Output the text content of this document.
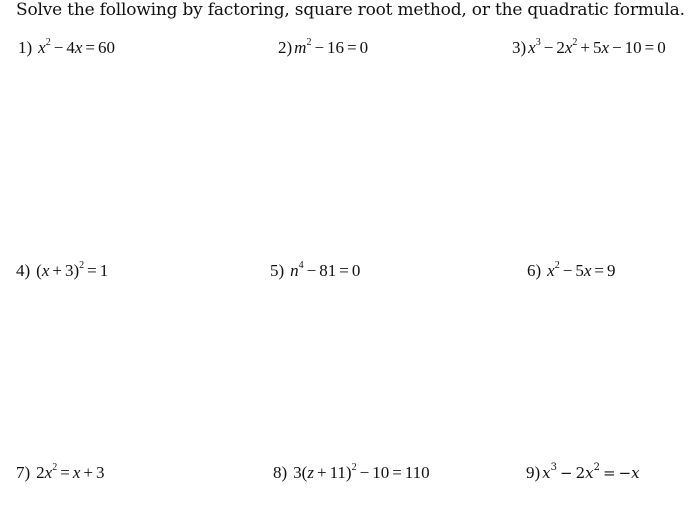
Solve the following by factoring, square root method, or the quadratic formula.
1) $x^2 - 4x = 60$	2) $m^2 - 16 = 0$	3) $x^3 - 2x^2 + 5x - 10 = 0$
4) $(x + 3)^2 = 1$	5) $n^4 - 81 = 0$	6) $x^2 - 5x = 9$
7) $2x^2 = x + 3$	8) $3(z + 11)^2 - 10 = 110$	9) $x^3 - 2x^2 = -x$
